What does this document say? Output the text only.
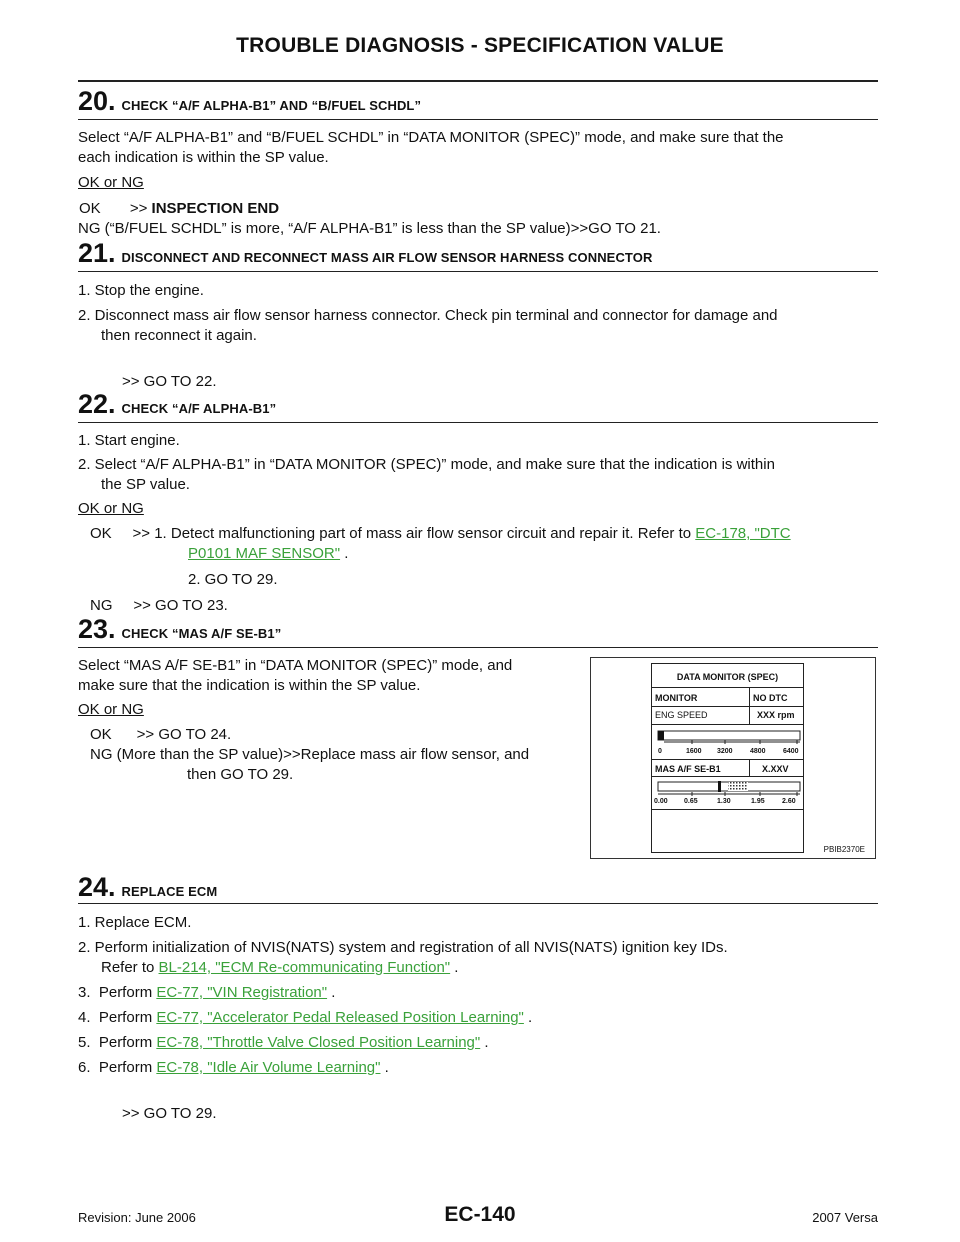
TROUBLE DIAGNOSIS - SPECIFICATION VALUE
20. CHECK “A/F ALPHA-B1” AND “B/FUEL SCHDL”
Select “A/F ALPHA-B1” and “B/FUEL SCHDL” in “DATA MONITOR (SPEC)” mode, and make sure that the
each indication is within the SP value.
OK or NG
OK       >> INSPECTION END
NG (“B/FUEL SCHDL” is more, “A/F ALPHA-B1” is less than the SP value)>>GO TO 21.
21. DISCONNECT AND RECONNECT MASS AIR FLOW SENSOR HARNESS CONNECTOR
1. Stop the engine.
2. Disconnect mass air flow sensor harness connector. Check pin terminal and connector for damage and
then reconnect it again.
>> GO TO 22.
22. CHECK “A/F ALPHA-B1”
1. Start engine.
2. Select “A/F ALPHA-B1” in “DATA MONITOR (SPEC)” mode, and make sure that the indication is within
the SP value.
OK or NG
OK     >> 1. Detect malfunctioning part of mass air flow sensor circuit and repair it. Refer to EC-178, "DTC
P0101 MAF SENSOR" .
2. GO TO 29.
NG     >> GO TO 23.
23. CHECK “MAS A/F SE-B1”
Select “MAS A/F SE-B1” in “DATA MONITOR (SPEC)” mode, and
make sure that the indication is within the SP value.
OK or NG
OK      >> GO TO 24.
NG (More than the SP value)>>Replace mass air flow sensor, and
then GO TO 29.
DATA MONITOR (SPEC)
MONITOR	NO DTC
ENG SPEED	XXX rpm
0	1600 3200 4800 6400
MAS A/F SE-B1	X.XXV
0.00 0.65	1.30	1.95 2.60
PBIB2370E
24. REPLACE ECM
1. Replace ECM.
2. Perform initialization of NVIS(NATS) system and registration of all NVIS(NATS) ignition key IDs.
Refer to BL-214, "ECM Re-communicating Function" .
3.  Perform EC-77, "VIN Registration" .
4.  Perform EC-77, "Accelerator Pedal Released Position Learning" .
5.  Perform EC-78, "Throttle Valve Closed Position Learning" .
6.  Perform EC-78, "Idle Air Volume Learning" .
>> GO TO 29.
Revision: June 2006	EC-140	2007 Versa
